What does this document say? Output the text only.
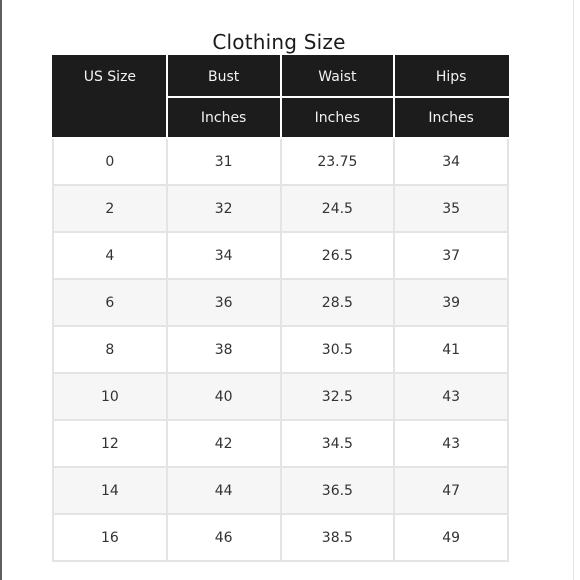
Clothing Size
US Size	Bust	Waist	Hips
	Inches	Inches	Inches
0	31	23.75	34
2	32	24.5	35
4	34	26.5	37
6	36	28.5	39
8	38	30.5	41
10	40	32.5	43
12	42	34.5	43
14	44	36.5	47
16	46	38.5	49
